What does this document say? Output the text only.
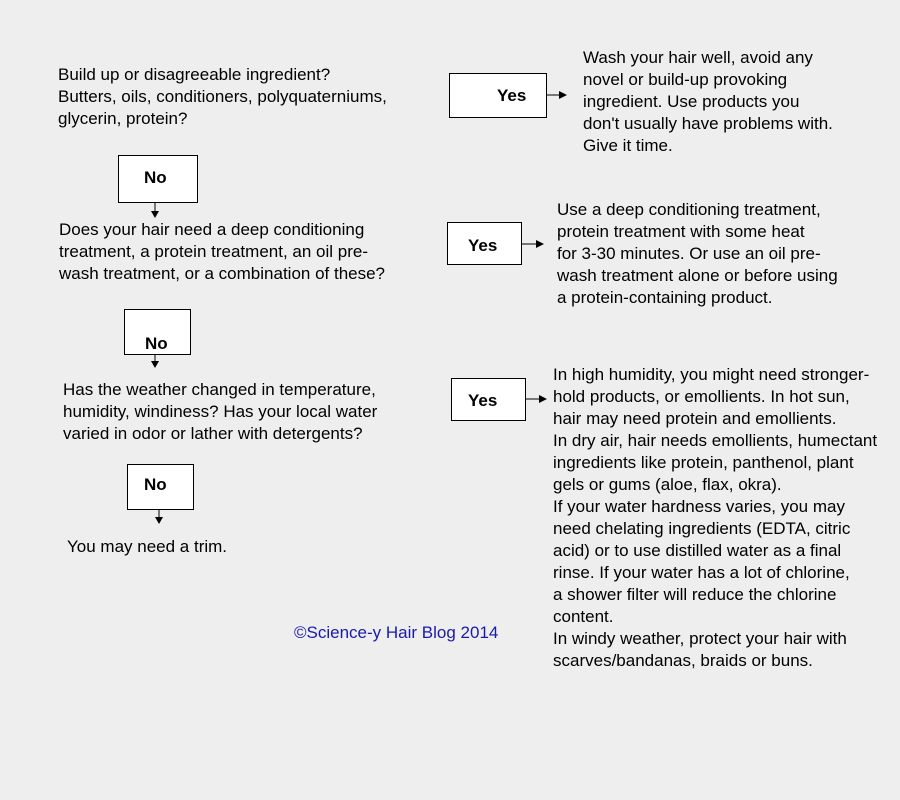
Build up or disagreeable ingredient?
Butters, oils, conditioners, polyquaterniums,
glycerin, protein?

Does your hair need a deep conditioning
treatment, a protein treatment, an oil pre-
wash treatment, or a combination of these?

Has the weather changed in temperature,
humidity, windiness? Has your local water
varied in odor or lather with detergents?

No
No
No
Yes
Yes
Yes

Wash your hair well, avoid any
novel or build-up provoking
ingredient. Use products you
don't usually have problems with.
Give it time.

Use a deep conditioning treatment,
protein treatment with some heat
for 3-30 minutes. Or use an oil pre-
wash treatment alone or before using
a protein-containing product.

In high humidity, you might need stronger-
hold products, or emollients. In hot sun,
hair may need protein and emollients.
In dry air, hair needs emollients, humectant
ingredients like protein, panthenol, plant
gels or gums (aloe, flax, okra).
If your water hardness varies, you may
need chelating ingredients (EDTA, citric
acid) or to use distilled water as a final
rinse. If your water has a lot of chlorine,
a shower filter will reduce the chlorine
content.
In windy weather, protect your hair with
scarves/bandanas, braids or buns.

You may need a trim.

©Science-y Hair Blog 2014
